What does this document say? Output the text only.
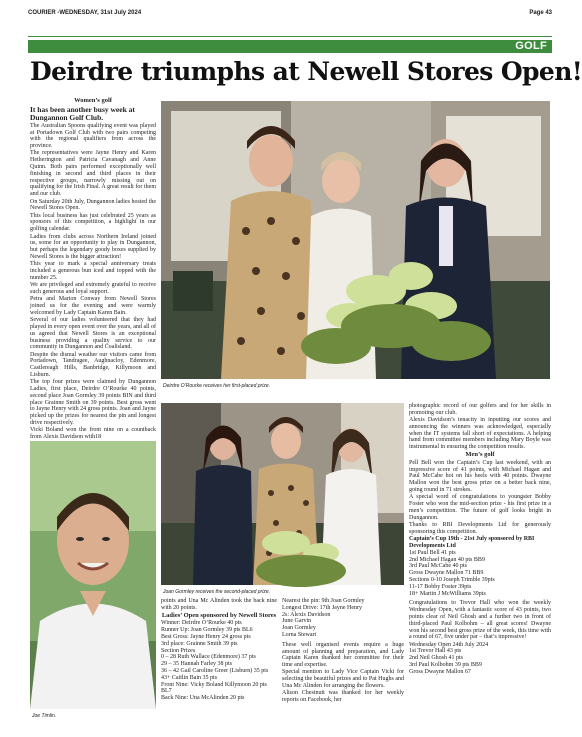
COURIER -WEDNESDAY, 31st July 2024	Page 43
GOLF
Deirdre triumphs at Newell Stores Open!
Women’s golf
It has been another busy week at Dungannon Golf Club.

The Australian Spoons qualifying event was played at Portadown Golf Club with two pairs competing with the regional qualifiers from across the province.

The representatives were Jayne Henry and Karen Hetherington and Patricia Cavanagh and Anne Quinn. Both pairs performed exceptionally well finishing in second and third places in their respective groups, narrowly missing out on qualifying for the Irish Final. A great result for them and our club.

On Saturday 20th July, Dungannon ladies hosted the Newell Stores Open.

This local business has just celebrated 25 years as sponsors of this competition, a highlight in our golfing calendar.

Ladies from clubs across Northern Ireland joined us, some for an opportunity to play in Dungannon, but perhaps the legendary goody boxes supplied by Newell Stores is the bigger attraction!

This year to mark a special anniversary treats included a generous bun iced and topped with the number 25.

We are privileged and extremely grateful to receive such generous and loyal support.

Petra and Marion Conway from Newell Stores joined us for the evening and were warmly welcomed by Lady Captain Karen Bain.

Several of our ladies volunteered that they had played in every open event over the years, and all of us agreed that Newell Stores is an exceptional business providing a quality service to our community in Dungannon and Coalisland.

Despite the dismal weather our visitors came from Portadown, Tandragee, Aughnacloy, Edenmore, Castlereagh Hills, Banbridge, Killymoon and Lisburn.

The top four prizes were claimed by Dungannon Ladies, first place, Deirdre O’Rourke 40 points, second place Joan Gormley 39 points BIN and third place Grainne Smith on 39 points. Best gross went to Jayne Henry with 24 gross points. Joan and Jayne picked up the prizes for nearest the pin and longest drive respectively.

Vicki Boland won the front nine on a countback from Alexis Davidson with18

Deirdre O’Rourke receives her first-placed prize.
Joan Gormley receives the second-placed prize.
Joe Timlin.

points and Una Mc Alinden took the back nine with 20 points.

Ladies’ Open sponsored by Newell Stores
Winner: Deirdre O’Rourke 40 pts
Runner Up: Joan Gormley 39 pts BL6
Best Gross: Jayne Henry 24 gross pts
3rd place: Grainne Smith 39 pts
Section Prizes
0 – 28 Ruth Wallace (Edenmore) 37 pts
29 – 35 Hannah Farley 38 pts
36 – 42 Gail Caroline Greer (Lisburn) 35 pts
43+ Caitlin Bain 35 pts
Front Nine: Vicky Boland Killymoon 20 pts BL7
Back Nine: Una McAlinden 20 pts
Nearest the pin: 9th Joan Gormley
Longest Drive: 17th Jayne Henry
2s: Alexis Davidson
June Garvin
Joan Gormley
Lorna Stewart

These well organised events require a huge amount of planning and preparation, and Lady Captain Karen thanked her committee for their time and expertise.

Special mention to Lady Vice Captain Vicki for selecting the beautiful prizes and to Pat Hughs and Una Mc Alinden for arranging the flowers.

Alison Chestnutt was thanked for her weekly reports on Facebook, her

photographic record of our golfers and for her skills in promoting our club.

Alexis Davidson’s tenacity in inputting our scores and announcing the winners was acknowledged, especially when the IT systems fall short of expectations. A helping hand from committee members including Mary Boyle was instrumental in ensuring the competition results.

Men’s golf

Pell Bell won the Captain’s Cup last weekend, with an impressive score of 41 points, with Michael Hagan and Paul McCabe hot on his heels with 40 points. Dwayne Mallon won the best gross prize on a better back nine, going round in 71 strokes.

A special word of congratulations to youngster Bobby Foster who won the mid-section prize - his first prize in a men’s competition. The future of golf looks bright in Dungannon.

Thanks to RBI Developments Ltd for generously sponsoring this competition.

Captain’s Cup 19th - 21st July sponsored by RBI Developments Ltd
1st Paul Bell 41 pts
2nd Michael Hagan 40 pts BB9
3rd Paul McCabe 40 pts
Gross Dwayne Mallon 71 BB9
Sections 0-10 Joseph Trimble 39pts
11-17 Bobby Foster 39pts
18+ Martin J McWilliams 39pts

Congratulations to Trevor Hall who won the weekly Wednesday Open, with a fantastic score of 43 points, two points clear of Neil Ghosh and a further two in front of third-placed Paul Kolbohm – all great scores! Dwayne won his second best gross prize of the week, this time with a round of 67, five under par – that’s impressive!

Wednesday Open 24th July 2024
1st Trevor Hall 43 pts
2nd Neil Ghosh 41 pts
3rd Paul Kolbohm 39 pts BB9
Gross Dwayne Mallon 67
